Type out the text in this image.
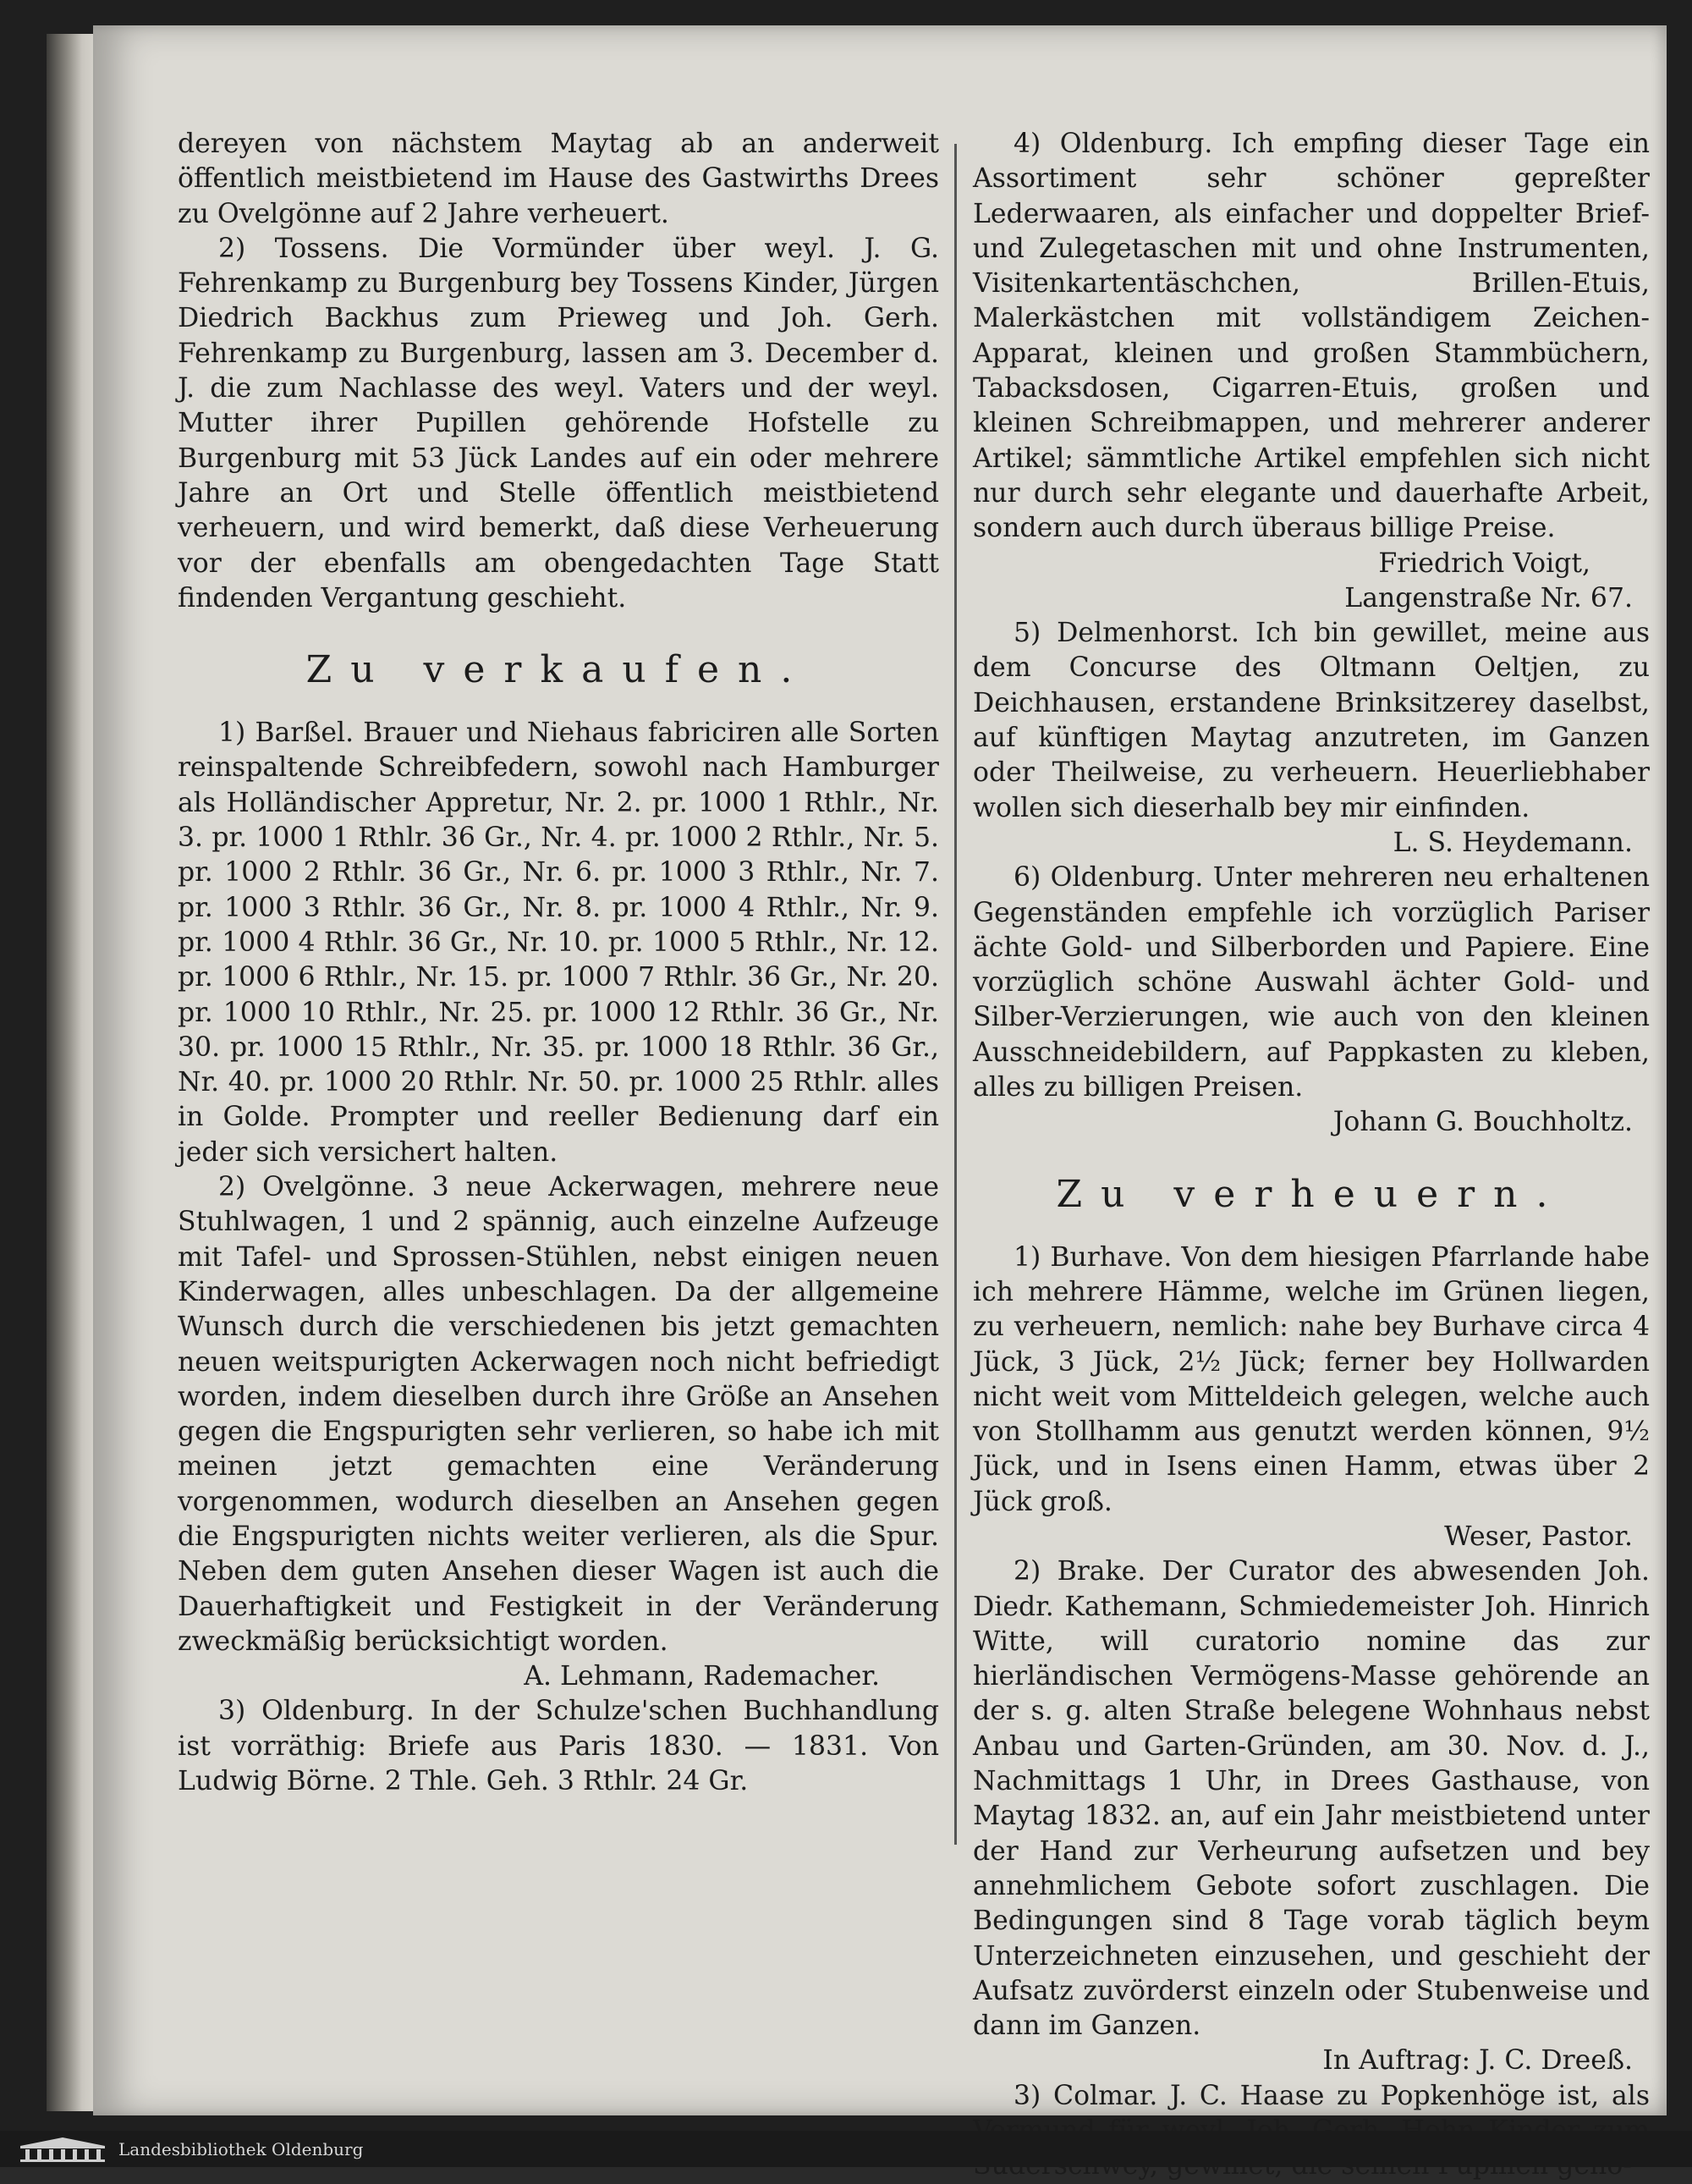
dereyen von nächstem Maytag ab an anderweit öffentlich meistbietend im Hause des Gastwirths Drees zu Ovelgönne auf 2 Jahre verheuert.

2) Tossens. Die Vormünder über weyl. J. G. Fehrenkamp zu Burgenburg bey Tossens Kinder, Jürgen Diedrich Backhus zum Prieweg und Joh. Gerh. Fehrenkamp zu Burgenburg, lassen am 3. December d. J. die zum Nachlasse des weyl. Vaters und der weyl. Mutter ihrer Pupillen gehörende Hofstelle zu Burgenburg mit 53 Jück Landes auf ein oder mehrere Jahre an Ort und Stelle öffentlich meistbietend verheuern, und wird bemerkt, daß diese Verheuerung vor der ebenfalls am obengedachten Tage Statt findenden Vergantung geschieht.

Zu verkaufen.

1) Barßel. Brauer und Niehaus fabriciren alle Sorten reinspaltende Schreibfedern, sowohl nach Hamburger als Holländischer Appretur, Nr. 2. pr. 1000 1 Rthlr., Nr. 3. pr. 1000 1 Rthlr. 36 Gr., Nr. 4. pr. 1000 2 Rthlr., Nr. 5. pr. 1000 2 Rthlr. 36 Gr., Nr. 6. pr. 1000 3 Rthlr., Nr. 7. pr. 1000 3 Rthlr. 36 Gr., Nr. 8. pr. 1000 4 Rthlr., Nr. 9. pr. 1000 4 Rthlr. 36 Gr., Nr. 10. pr. 1000 5 Rthlr., Nr. 12. pr. 1000 6 Rthlr., Nr. 15. pr. 1000 7 Rthlr. 36 Gr., Nr. 20. pr. 1000 10 Rthlr., Nr. 25. pr. 1000 12 Rthlr. 36 Gr., Nr. 30. pr. 1000 15 Rthlr., Nr. 35. pr. 1000 18 Rthlr. 36 Gr., Nr. 40. pr. 1000 20 Rthlr. Nr. 50. pr. 1000 25 Rthlr. alles in Golde. Prompter und reeller Bedienung darf ein jeder sich versichert halten.

2) Ovelgönne. 3 neue Ackerwagen, mehrere neue Stuhlwagen, 1 und 2 spännig, auch einzelne Aufzeuge mit Tafel- und Sprossen-Stühlen, nebst einigen neuen Kinderwagen, alles unbeschlagen. Da der allgemeine Wunsch durch die verschiedenen bis jetzt gemachten neuen weitspurigten Ackerwagen noch nicht befriedigt worden, indem dieselben durch ihre Größe an Ansehen gegen die Engspurigten sehr verlieren, so habe ich mit meinen jetzt gemachten eine Veränderung vorgenommen, wodurch dieselben an Ansehen gegen die Engspurigten nichts weiter verlieren, als die Spur. Neben dem guten Ansehen dieser Wagen ist auch die Dauerhaftigkeit und Festigkeit in der Veränderung zweckmäßig berücksichtigt worden.

A. Lehmann, Rademacher.

3) Oldenburg. In der Schulze'schen Buchhandlung ist vorräthig: Briefe aus Paris 1830. — 1831. Von Ludwig Börne. 2 Thle. Geh. 3 Rthlr. 24 Gr.

4) Oldenburg. Ich empfing dieser Tage ein Assortiment sehr schöner gepreßter Lederwaaren, als einfacher und doppelter Brief- und Zulegetaschen mit und ohne Instrumenten, Visitenkartentäschchen, Brillen-Etuis, Malerkästchen mit vollständigem Zeichen-Apparat, kleinen und großen Stammbüchern, Tabacksdosen, Cigarren-Etuis, großen und kleinen Schreibmappen, und mehrerer anderer Artikel; sämmtliche Artikel empfehlen sich nicht nur durch sehr elegante und dauerhafte Arbeit, sondern auch durch überaus billige Preise.

Friedrich Voigt,

Langenstraße Nr. 67.

5) Delmenhorst. Ich bin gewillet, meine aus dem Concurse des Oltmann Oeltjen, zu Deichhausen, erstandene Brinksitzerey daselbst, auf künftigen Maytag anzutreten, im Ganzen oder Theilweise, zu verheuern. Heuerliebhaber wollen sich dieserhalb bey mir einfinden.

L. S. Heydemann.

6) Oldenburg. Unter mehreren neu erhaltenen Gegenständen empfehle ich vorzüglich Pariser ächte Gold- und Silberborden und Papiere. Eine vorzüglich schöne Auswahl ächter Gold- und Silber-Verzierungen, wie auch von den kleinen Ausschneidebildern, auf Pappkasten zu kleben, alles zu billigen Preisen.

Johann G. Bouchholtz.

Zu verheuern.

1) Burhave. Von dem hiesigen Pfarrlande habe ich mehrere Hämme, welche im Grünen liegen, zu verheuern, nemlich: nahe bey Burhave circa 4 Jück, 3 Jück, 2½ Jück; ferner bey Hollwarden nicht weit vom Mitteldeich gelegen, welche auch von Stollhamm aus genutzt werden können, 9½ Jück, und in Isens einen Hamm, etwas über 2 Jück groß.

Weser, Pastor.

2) Brake. Der Curator des abwesenden Joh. Diedr. Kathemann, Schmiedemeister Joh. Hinrich Witte, will curatorio nomine das zur hierländischen Vermögens-Masse gehörende an der s. g. alten Straße belegene Wohnhaus nebst Anbau und Garten-Gründen, am 30. Nov. d. J., Nachmittags 1 Uhr, in Drees Gasthause, von Maytag 1832. an, auf ein Jahr meistbietend unter der Hand zur Verheurung aufsetzen und bey annehmlichem Gebote sofort zuschlagen. Die Bedingungen sind 8 Tage vorab täglich beym Unterzeichneten einzusehen, und geschieht der Aufsatz zuvörderst einzeln oder Stubenweise und dann im Ganzen.

In Auftrag: J. C. Dreeß.

3) Colmar. J. C. Haase zu Popkenhöge ist, als

Landesbibliothek Oldenburg
